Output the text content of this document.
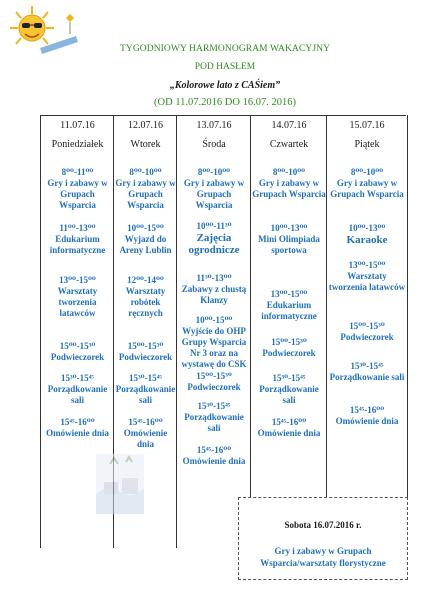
TYGODNIOWY HARMONOGRAM WAKACYJNY
POD HASŁEM
„Kolorowe lato z CAŚiem”
(OD 11.07.2016 DO 16.07. 2016)
11.07.16
Poniedziałek
8⁰⁰-11⁰⁰
Gry i zabawy w Grupach Wsparcia
11⁰⁰-13⁰⁰
Edukarium informatyczne
13⁰⁰-15⁰⁰
Warsztaty tworzenia latawców
15⁰⁰-15³⁰
Podwieczorek
15³⁰-15⁴⁵
Porządkowanie sali
15⁴⁵-16⁰⁰
Omówienie dnia
12.07.16
Wtorek
8⁰⁰-10⁰⁰
Gry i zabawy w Grupach Wsparcia
10⁰⁰-15⁰⁰
Wyjazd do Areny Lublin
12⁰⁰-14⁰⁰
Warsztaty robótek ręcznych
15⁰⁰-15³⁰
Podwieczorek
15³⁰-15⁴⁵
Porządkowanie sali
15⁴⁵-16⁰⁰
Omówienie dnia
13.07.16
Środa
8⁰⁰-10⁰⁰
Gry i zabawy w Grupach Wsparcia
10⁰⁰-11³⁰
Zajęcia ogrodnicze
11³⁰-13⁰⁰
Zabawy z chustą Klanzy
10⁰⁰-15⁰⁰
Wyjście do OHP Grupy Wsparcia Nr 3 oraz na wystawę do CSK
15⁰⁰-15³⁰
Podwieczorek
15³⁰-15⁴⁵
Porządkowanie sali
15⁴⁵-16⁰⁰
Omówienie dnia
14.07.16
Czwartek
8⁰⁰-10⁰⁰
Gry i zabawy w Grupach Wsparcia
10⁰⁰-13⁰⁰
Mini Olimpiada sportowa
13⁰⁰-15⁰⁰
Edukarium informatyczne
15⁰⁰-15³⁰
Podwieczorek
15³⁰-15⁴⁵
Porządkowanie sali
15⁴⁵-16⁰⁰
Omówienie dnia
15.07.16
Piątek
8⁰⁰-10⁰⁰
Gry i zabawy w Grupach Wsparcia
10⁰⁰-13⁰⁰
Karaoke
13⁰⁰-15⁰⁰
Warsztaty tworzenia latawców
15⁰⁰-15³⁰
Podwieczorek
15³⁰-15⁴⁵
Porządkowanie sali
15⁴⁵-16⁰⁰
Omówienie dnia
Sobota 16.07.2016 r.
Gry i zabawy w Grupach Wsparcia/warsztaty florystyczne
